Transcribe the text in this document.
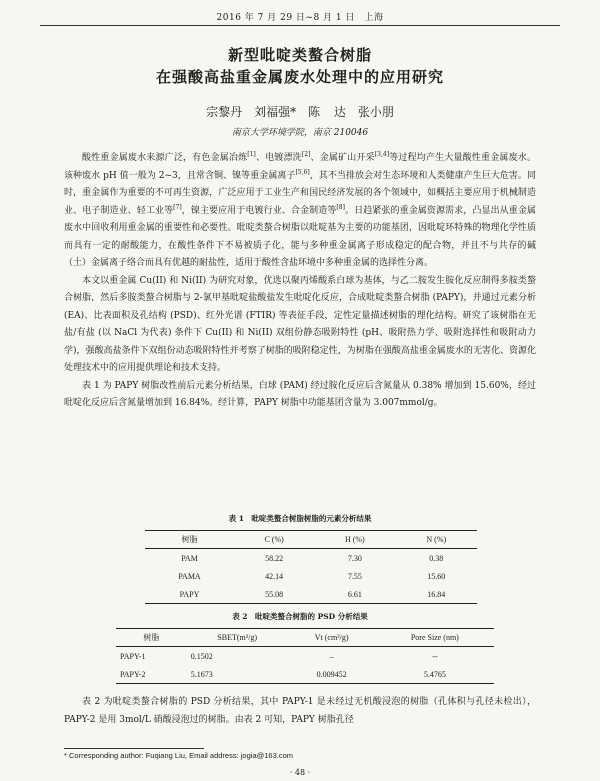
2016 年 7 月 29 日~8 月 1 日　上海
新型吡啶类螯合树脂
在强酸高盐重金属废水处理中的应用研究
宗黎丹　刘福强*　陈 达　张小朋
南京大学环境学院，南京 210046

酸性重金属废水来源广泛，有色金属冶炼[1]、电镀漂洗[2]、金属矿山开采[3,4]等过程均产生大量酸性重金属废水。该种废水 pH 值一般为 2~3，且常含铜、镍等重金属离子[5,6]，其不当排放会对生态环境和人类健康产生巨大危害。同时，重金属作为重要的不可再生资源，广泛应用于工业生产和国民经济发展的各个领域中，如概括主要应用于机械制造业、电子制造业、轻工业等[7]，镍主要应用于电镀行业、合金制造等[8]。日趋紧张的重金属资源需求，凸显出从重金属废水中回收利用重金属的重要性和必要性。吡啶类螯合树脂以吡啶基为主要的功能基团，因吡啶环特殊的物理化学性质而具有一定的耐酸能力，在酸性条件下不易被质子化，能与多种重金属离子形成稳定的配合物，并且不与共存的碱（土）金属离子络合而具有优越的耐盐性，适用于酸性含盐环境中多种重金属的选择性分离。

本文以重金属 Cu(II) 和 Ni(II) 为研究对象，优选以聚丙烯酸系白球为基体，与乙二胺发生胺化反应制得多胺类螯合树脂，然后多胺类螯合树脂与 2-氯甲基吡啶盐酸盐发生吡啶化反应，合成吡啶类螯合树脂 (PAPY)，并通过元素分析 (EA)、比表面积及孔结构 (PSD)、红外光谱 (FTIR) 等表征手段，定性定量描述树脂的理化结构。研究了该树脂在无盐/有盐 (以 NaCl 为代表) 条件下 Cu(II) 和 Ni(II) 双组份静态吸附特性 (pH、吸附热力学、吸附选择性和吸附动力学)，强酸高盐条件下双组份动态吸附特性并考察了树脂的吸附稳定性，为树脂在强酸高盐重金属废水的无害化、资源化处理技术中的应用提供理论和技术支持。

表 1 为 PAPY 树脂改性前后元素分析结果，白球 (PAM) 经过胺化反应后含氮量从 0.38% 增加到 15.60%，经过吡啶化反应后含氮量增加到 16.84%。经计算，PAPY 树脂中功能基团含量为 3.007mmol/g。

表 1　吡啶类螯合树脂树脂的元素分析结果
树脂	C (%)	H (%)	N (%)
PAM	58.22	7.30	0.38
PAMA	42.14	7.55	15.60
PAPY	55.08	6.61	16.84
表 2　吡啶类螯合树脂的 PSD 分析结果
树脂	SBET(m²/g)	Vt (cm³/g)	Pore Size (nm)
PAPY-1	0.1502	–	--
PAPY-2	5.1673	0.009452	5.4765

表 2 为吡啶类螯合树脂的 PSD 分析结果，其中 PAPY-1 是未经过无机酸浸泡的树脂（孔体积与孔径未检出），PAPY-2 是用 3mol/L 硝酸浸泡过的树脂。由表 2 可知，PAPY 树脂孔径

* Corresponding author: Fuqiang Liu, Email address: jogia@163.com
· 48 ·
